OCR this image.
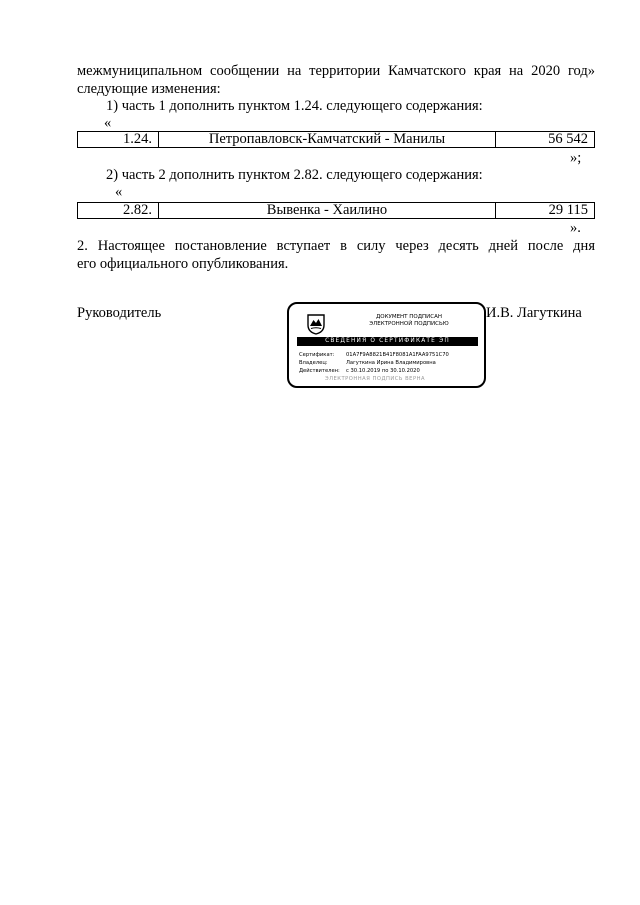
межмуниципальном сообщении на территории Камчатского края на 2020 год»
следующие изменения:
1) часть 1 дополнить пунктом 1.24. следующего содержания:
«
1.24.	Петропавловск-Камчатский - Манилы	56 542
»;
2) часть 2 дополнить пунктом 2.82. следующего содержания:
«
2.82.	Вывенка - Хаилино	29 115
».
2. Настоящее постановление вступает в силу через десять дней после дня
его официального опубликования.
Руководитель	И.В. Лагуткина
ДОКУМЕНТ ПОДПИСАН
ЭЛЕКТРОННОЙ ПОДПИСЬЮ
СВЕДЕНИЯ О СЕРТИФИКАТЕ ЭП
Сертификат: 01A7F9A8821B41F8081A1FAA9751C70
Владелец:	Лагуткина Ирина Владимировна
Действителен: с 30.10.2019 по 30.10.2020
ЭЛЕКТРОННАЯ ПОДПИСЬ ВЕРНА
